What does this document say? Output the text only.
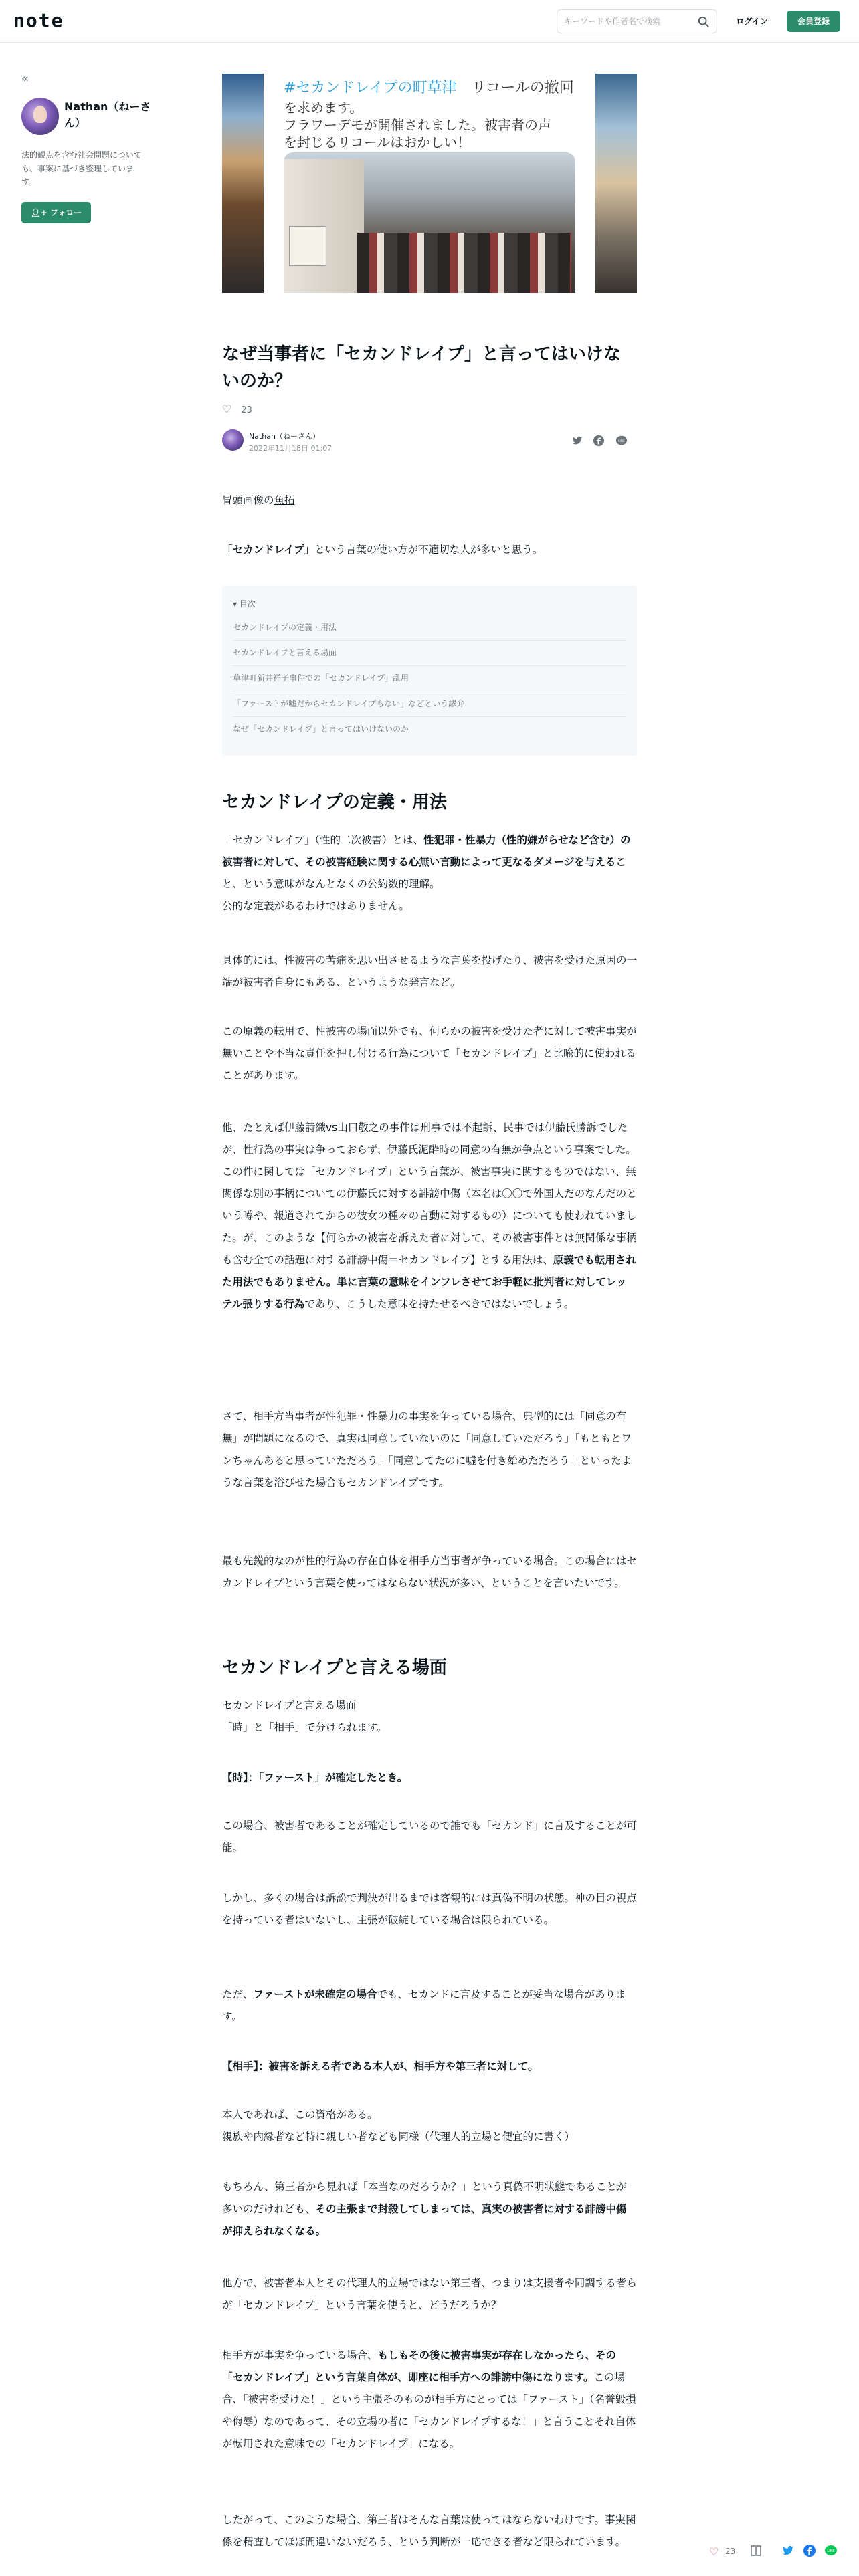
note
キーワードや作者名で検索	ログイン	会員登録
«
Nathan（ねーさん）
法的観点を含む社会問題についても、事案に基づき整理しています。
👤︎+ フォロー
#セカンドレイプの町草津　リコールの撤回
を求めます。
フラワーデモが開催されました。被害者の声
を封じるリコールはおかしい！
なぜ当事者に「セカンドレイプ」と言ってはいけないのか？
♡ 23
Nathan（ねーさん）
2022年11月18日 01:07
LINE

冒頭画像の魚拓

「セカンドレイプ」という言葉の使い方が不適切な人が多いと思う。

▾ 目次
セカンドレイプの定義・用法
セカンドレイプと言える場面
草津町新井祥子事件での「セカンドレイプ」乱用
「ファーストが嘘だからセカンドレイプもない」などという謬弁
なぜ「セカンドレイプ」と言ってはいけないのか
セカンドレイプの定義・用法

「セカンドレイプ」（性的二次被害）とは、性犯罪・性暴力（性的嫌がらせなど含む）の被害者に対して、その被害経験に関する心無い言動によって更なるダメージを与えること、という意味がなんとなくの公約数的理解。
公的な定義があるわけではありません。

具体的には、性被害の苦痛を思い出させるような言葉を投げたり、被害を受けた原因の一端が被害者自身にもある、というような発言など。

この原義の転用で、性被害の場面以外でも、何らかの被害を受けた者に対して被害事実が無いことや不当な責任を押し付ける行為について「セカンドレイプ」と比喩的に使われることがあります。

他、たとえば伊藤詩織vs山口敬之の事件は刑事では不起訴、民事では伊藤氏勝訴でしたが、性行為の事実は争っておらず、伊藤氏泥酔時の同意の有無が争点という事案でした。この件に関しては「セカンドレイプ」という言葉が、被害事実に関するものではない、無関係な別の事柄についての伊藤氏に対する誹謗中傷（本名は〇〇で外国人だのなんだのという噂や、報道されてからの彼女の種々の言動に対するもの）についても使われていました。が、このような【何らかの被害を訴えた者に対して、その被害事件とは無関係な事柄も含む全ての話題に対する誹謗中傷＝セカンドレイプ】とする用法は、原義でも転用された用法でもありません。単に言葉の意味をインフレさせてお手軽に批判者に対してレッテル張りする行為であり、こうした意味を持たせるべきではないでしょう。

さて、相手方当事者が性犯罪・性暴力の事実を争っている場合、典型的には「同意の有無」が問題になるので、真実は同意していないのに「同意していただろう」「もともとワンちゃんあると思っていただろう」「同意してたのに嘘を付き始めただろう」といったような言葉を浴びせた場合もセカンドレイプです。

最も先鋭的なのが性的行為の存在自体を相手方当事者が争っている場合。この場合にはセカンドレイプという言葉を使ってはならない状況が多い、ということを言いたいです。

セカンドレイプと言える場面

セカンドレイプと言える場面
「時」と「相手」で分けられます。

【時】：「ファースト」が確定したとき。

この場合、被害者であることが確定しているので誰でも「セカンド」に言及することが可能。

しかし、多くの場合は訴訟で判決が出るまでは客観的には真偽不明の状態。神の目の視点を持っている者はいないし、主張が破綻している場合は限られている。

ただ、ファーストが未確定の場合でも、セカンドに言及することが妥当な場合があります。

【相手】：被害を訴える者である本人が、相手方や第三者に対して。

本人であれば、この資格がある。
親族や内縁者など特に親しい者なども同様（代理人的立場と便宜的に書く）

もちろん、第三者から見れば「本当なのだろうか？」という真偽不明状態であることが多いのだけれども、その主張まで封殺してしまっては、真実の被害者に対する誹謗中傷が抑えられなくなる。

他方で、被害者本人とその代理人的立場ではない第三者、つまりは支援者や同調する者らが「セカンドレイプ」という言葉を使うと、どうだろうか？

相手方が事実を争っている場合、もしもその後に被害事実が存在しなかったら、その「セカンドレイプ」という言葉自体が、即座に相手方への誹謗中傷になります。この場合、「被害を受けた！」という主張そのものが相手方にとっては「ファースト」（名誉毀損や侮辱）なのであって、その立場の者に「セカンドレイプするな！」と言うことそれ自体が転用された意味での「セカンドレイプ」になる。

したがって、このような場合、第三者はそんな言葉は使ってはならないわけです。事実関係を精査してほぼ間違いないだろう、という判断が一応できる者など限られています。

♡ 23	LINE
